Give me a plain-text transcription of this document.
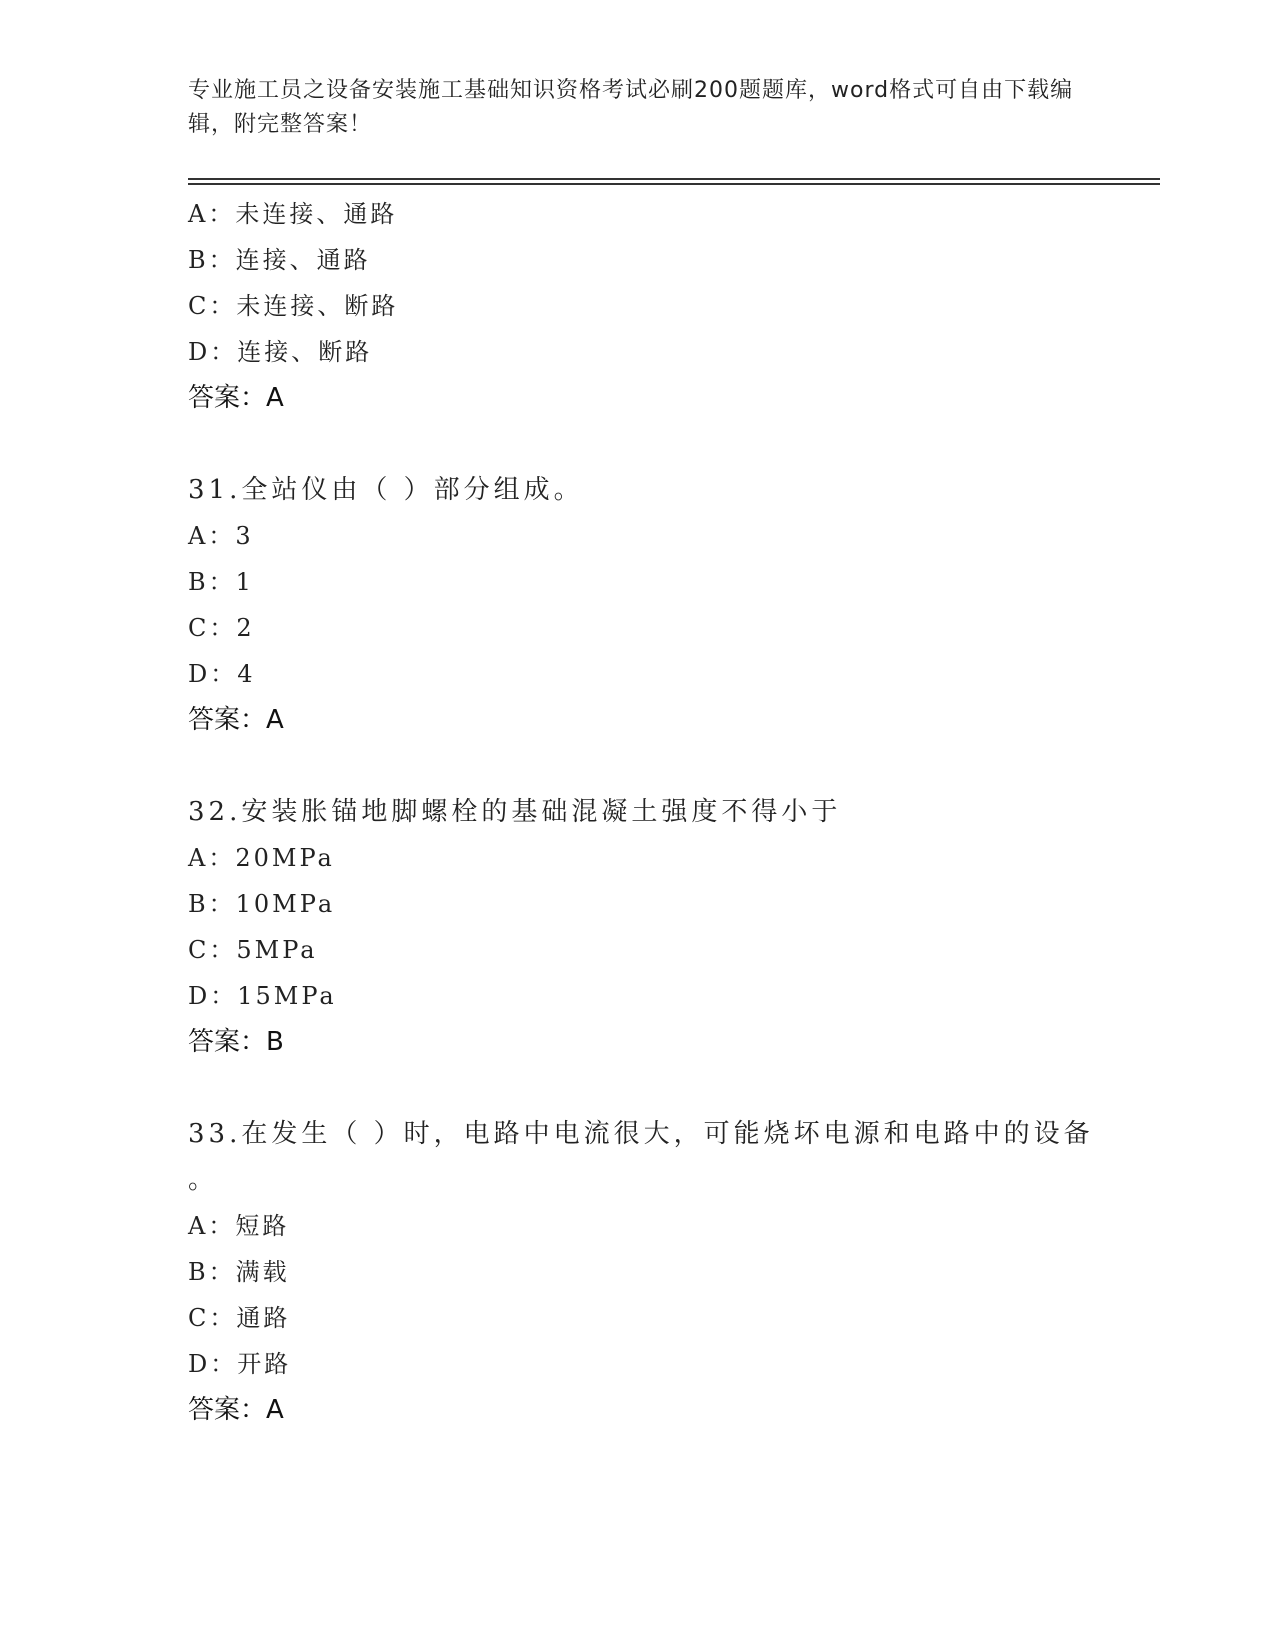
专业施工员之设备安装施工基础知识资格考试必刷200题题库，word格式可自由下载编辑，附完整答案！
A：未连接、通路
B：连接、通路
C：未连接、断路
D：连接、断路
答案：A
31.全站仪由（ ）部分组成。
A：3
B：1
C：2
D：4
答案：A
32.安装胀锚地脚螺栓的基础混凝土强度不得小于
A：20MPa
B：10MPa
C：5MPa
D：15MPa
答案：B
33.在发生（ ）时，电路中电流很大，可能烧坏电源和电路中的设备
。
A：短路
B：满载
C：通路
D：开路
答案：A
